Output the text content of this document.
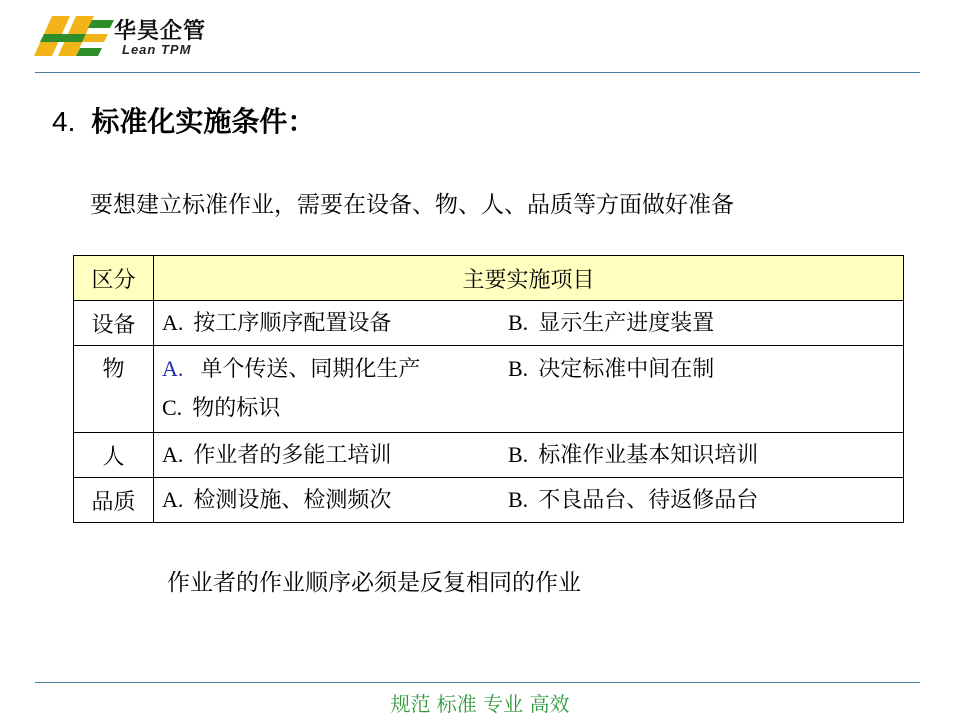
华昊企管
Lean TPM
4. 标准化实施条件：
要想建立标准作业，需要在设备、物、人、品质等方面做好准备
区分	主要实施项目
设备	A. 按工序顺序配置设备 B. 显示生产进度装置
物	A. 单个传送、同期化生产 B. 决定标准中间在制
C. 物的标识
人	A. 作业者的多能工培训 B. 标准作业基本知识培训
品质	A. 检测设施、检测频次 B. 不良品台、待返修品台
作业者的作业顺序必须是反复相同的作业
规范 标准 专业 高效
